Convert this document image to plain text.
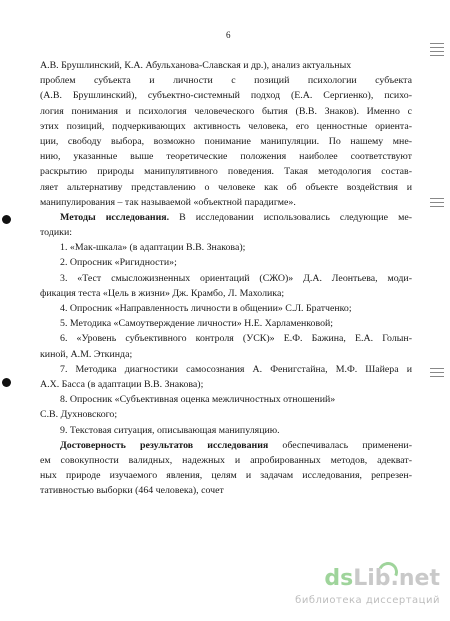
6
А.В. Брушлинский, К.А. Абульханова-Славская и др.), анализ актуальных
проблем субъекта и личности с позиций психологии субъекта
(А.В. Брушлинский), субъектно-системный подход (Е.А. Сергиенко), психо-
логия понимания и психология человеческого бытия (В.В. Знаков). Именно с
этих позиций, подчеркивающих активность человека, его ценностные ориента-
ции, свободу выбора, возможно понимание манипуляции. По нашему мне-
нию, указанные выше теоретические положения наиболее соответствуют
раскрытию природы манипулятивного поведения. Такая методология состав-
ляет альтернативу представлению о человеке как об объекте воздействия и
манипулирования – так называемой «объектной парадигме».
Методы исследования. В исследовании использовались следующие ме-
тодики:
1. «Мак-шкала» (в адаптации В.В. Знакова);
2. Опросник «Ригидности»;
3. «Тест смысложизненных ориентаций (СЖО)» Д.А. Леонтьева, моди-
фикация теста «Цель в жизни» Дж. Крамбо, Л. Махолика;
4. Опросник «Направленность личности в общении» С.Л. Братченко;
5. Методика «Самоутверждение личности» Н.Е. Харламенковой;
6. «Уровень субъективного контроля (УСК)» Е.Ф. Бажина, Е.А. Голын-
киной, А.М. Эткинда;
7. Методика диагностики самосознания А. Фенигстайна, М.Ф. Шайера и
А.Х. Басса (в адаптации В.В. Знакова);
8. Опросник «Субъективная оценка межличностных отношений»
С.В. Духновского;
9. Текстовая ситуация, описывающая манипуляцию.
Достоверность результатов исследования обеспечивалась применени-
ем совокупности валидных, надежных и апробированных методов, адекват-
ных природе изучаемого явления, целям и задачам исследования, репрезен-
тативностью выборки (464 человека), сочет
dsLib.net
библиотека диссертаций
